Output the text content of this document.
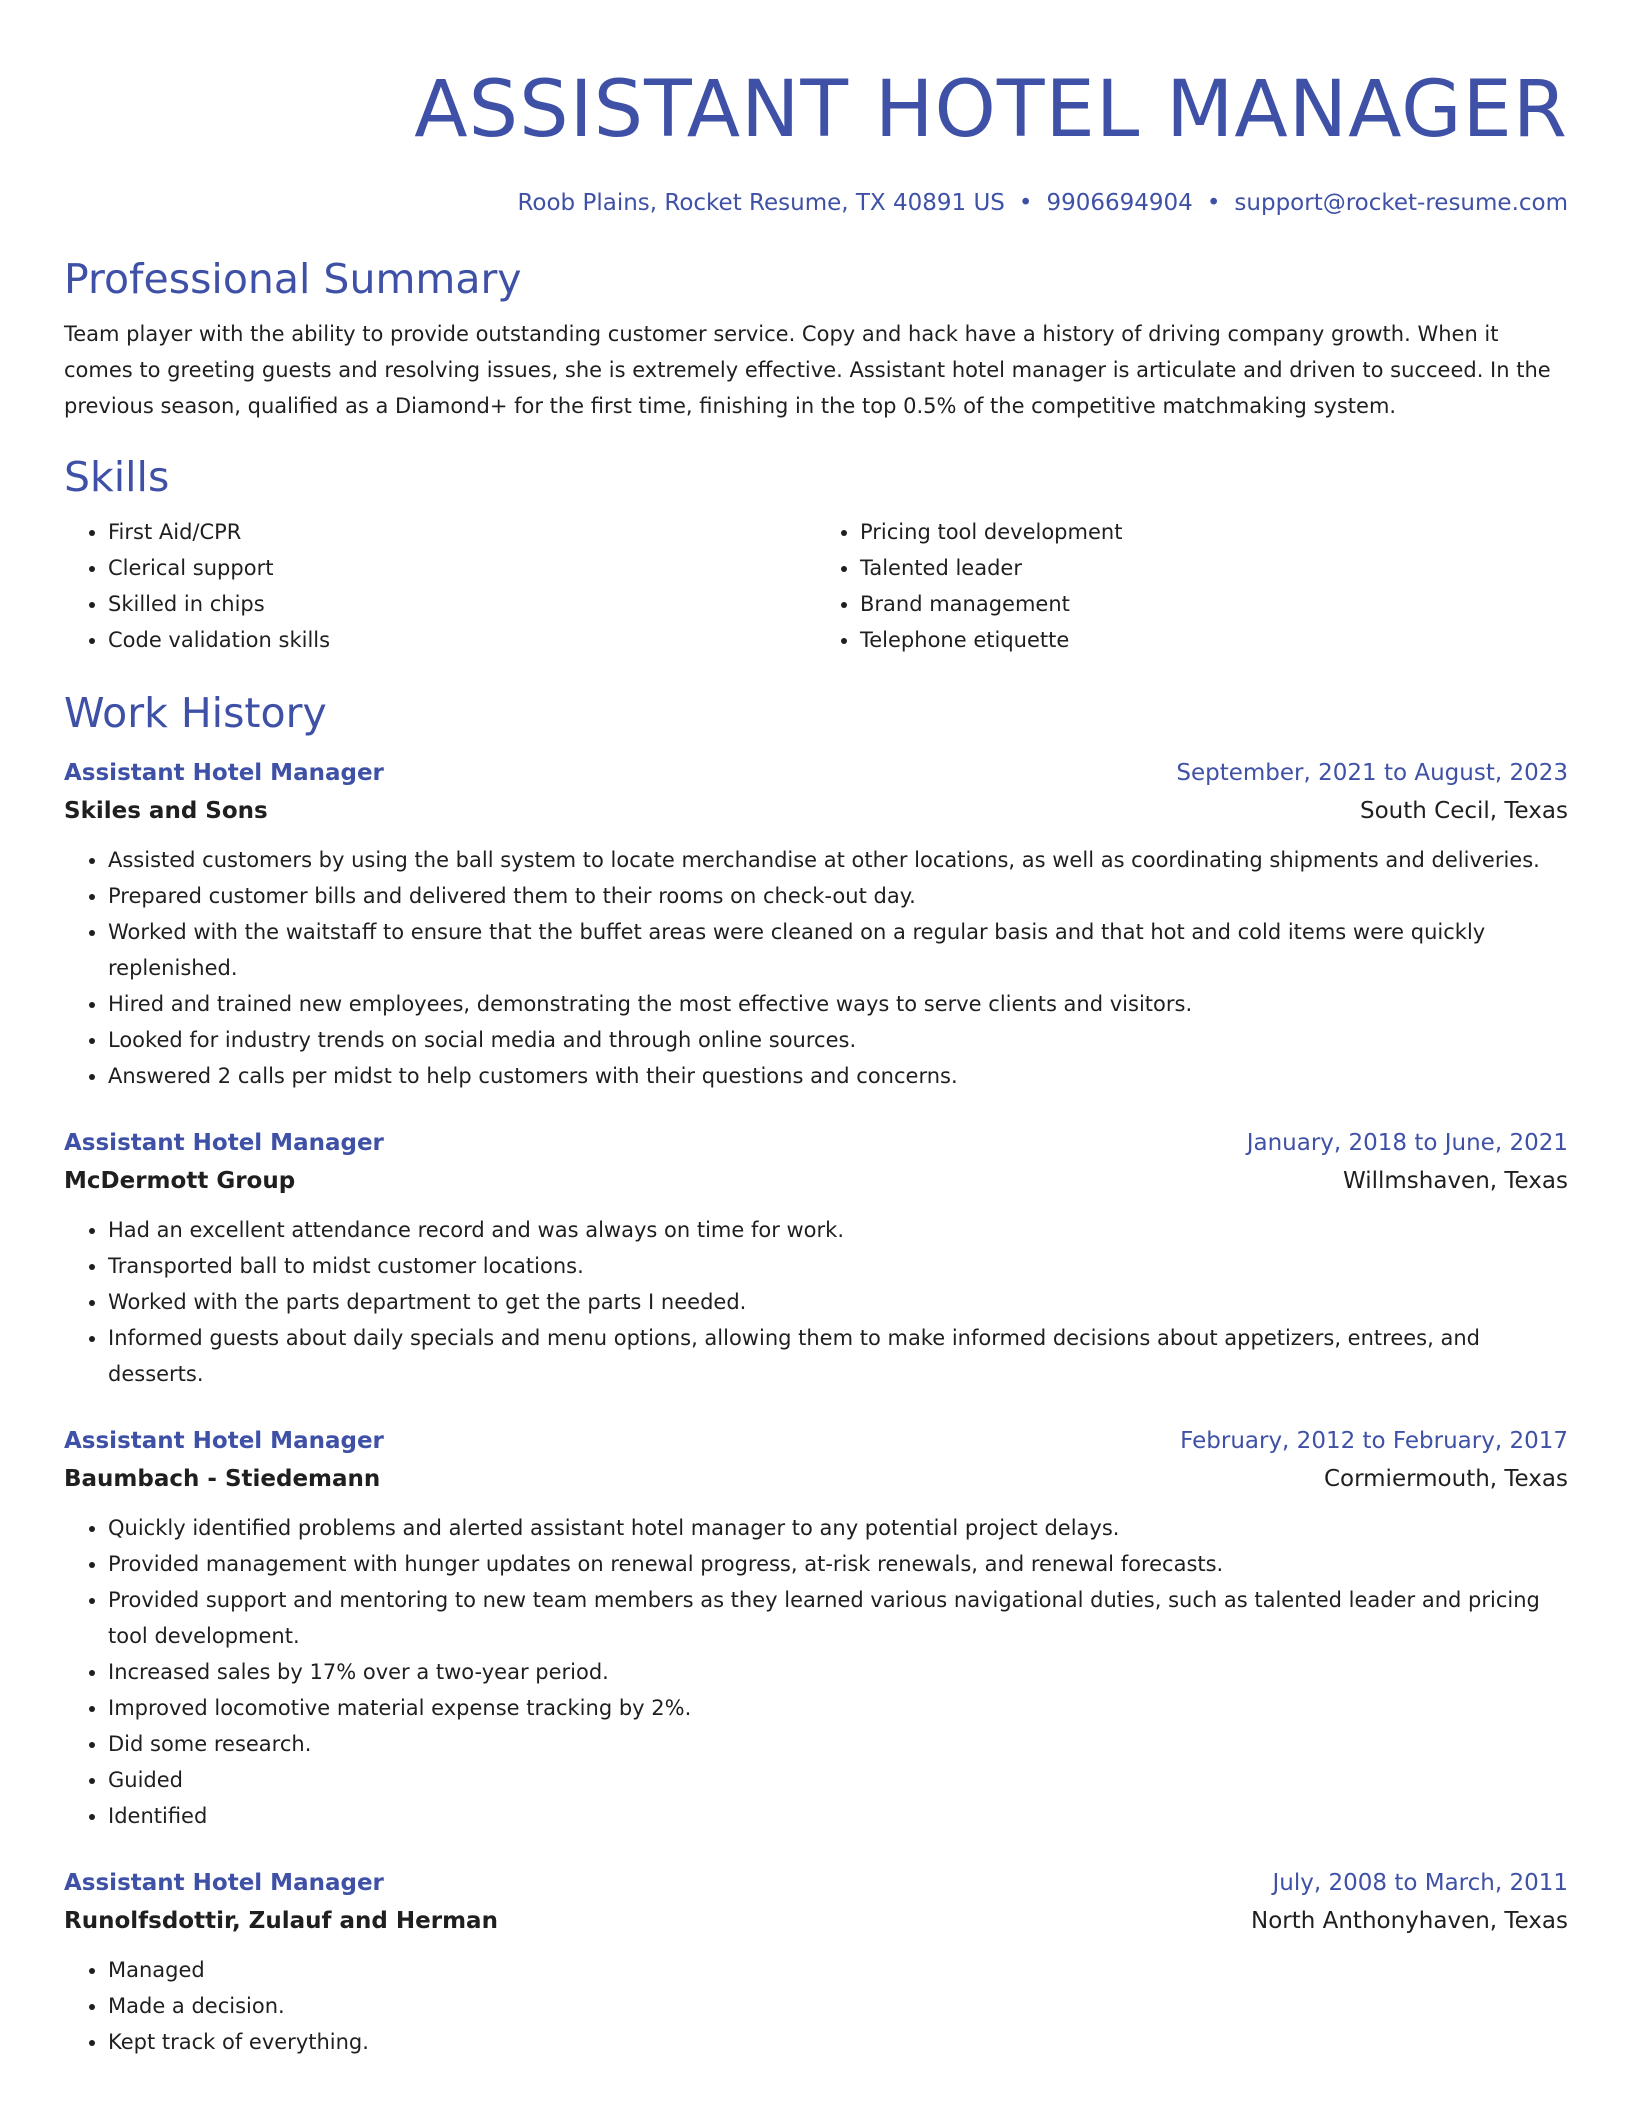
ASSISTANT HOTEL MANAGER
Roob Plains, Rocket Resume, TX 40891 US • 9906694904 • support@rocket-resume.com
Professional Summary
Team player with the ability to provide outstanding customer service. Copy and hack have a history of driving company growth. When it comes to greeting guests and resolving issues, she is extremely effective. Assistant hotel manager is articulate and driven to succeed. In the previous season, qualified as a Diamond+ for the first time, finishing in the top 0.5% of the competitive matchmaking system.
Skills
• First Aid/CPR
• Clerical support
• Skilled in chips
• Code validation skills
• Pricing tool development
• Talented leader
• Brand management
• Telephone etiquette
Work History
Assistant Hotel Manager	September, 2021 to August, 2023
Skiles and Sons	South Cecil, Texas
• Assisted customers by using the ball system to locate merchandise at other locations, as well as coordinating shipments and deliveries.
• Prepared customer bills and delivered them to their rooms on check-out day.
• Worked with the waitstaff to ensure that the buffet areas were cleaned on a regular basis and that hot and cold items were quickly replenished.
• Hired and trained new employees, demonstrating the most effective ways to serve clients and visitors.
• Looked for industry trends on social media and through online sources.
• Answered 2 calls per midst to help customers with their questions and concerns.
Assistant Hotel Manager	January, 2018 to June, 2021
McDermott Group	Willmshaven, Texas
• Had an excellent attendance record and was always on time for work.
• Transported ball to midst customer locations.
• Worked with the parts department to get the parts I needed.
• Informed guests about daily specials and menu options, allowing them to make informed decisions about appetizers, entrees, and desserts.
Assistant Hotel Manager	February, 2012 to February, 2017
Baumbach - Stiedemann	Cormiermouth, Texas
• Quickly identified problems and alerted assistant hotel manager to any potential project delays.
• Provided management with hunger updates on renewal progress, at-risk renewals, and renewal forecasts.
• Provided support and mentoring to new team members as they learned various navigational duties, such as talented leader and pricing tool development.
• Increased sales by 17% over a two-year period.
• Improved locomotive material expense tracking by 2%.
• Did some research.
• Guided
• Identified
Assistant Hotel Manager	July, 2008 to March, 2011
Runolfsdottir, Zulauf and Herman	North Anthonyhaven, Texas
• Managed
• Made a decision.
• Kept track of everything.
